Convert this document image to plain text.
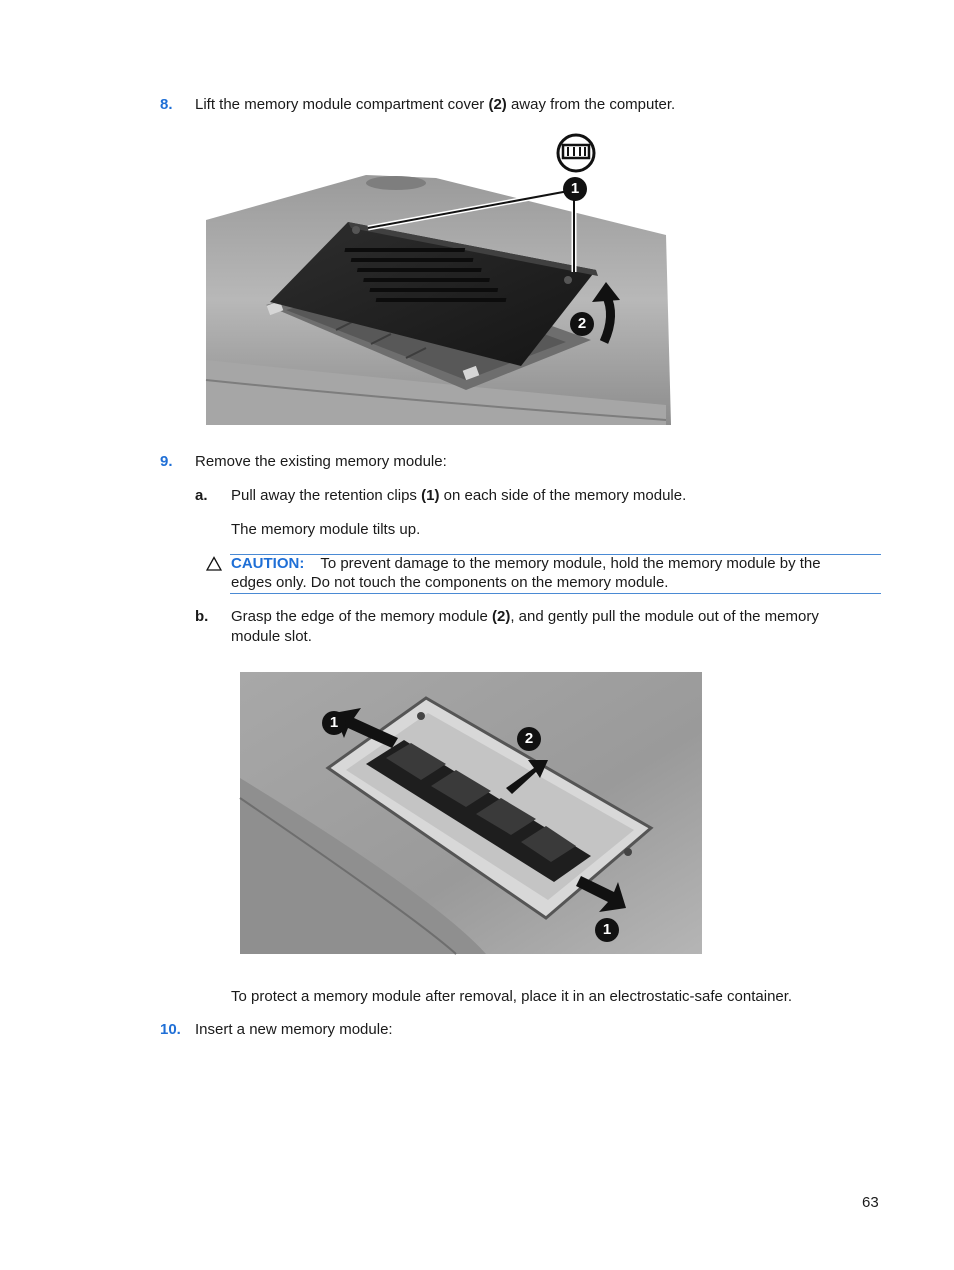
8. Lift the memory module compartment cover (2) away from the computer.
1
2
9. Remove the existing memory module:
a. Pull away the retention clips (1) on each side of the memory module.
The memory module tilts up.
CAUTION: To prevent damage to the memory module, hold the memory module by the
edges only. Do not touch the components on the memory module.
b. Grasp the edge of the memory module (2), and gently pull the module out of the memory
module slot.
1
2
1
To protect a memory module after removal, place it in an electrostatic-safe container.
10. Insert a new memory module:
63
